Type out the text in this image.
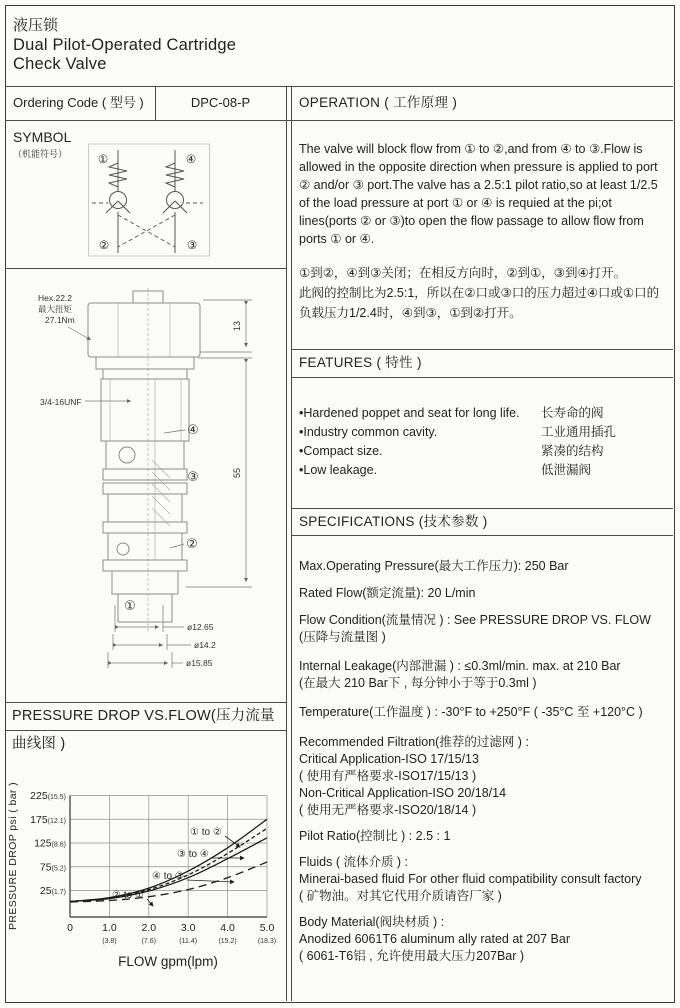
液压锁
Dual Pilot-Operated Cartridge
Check Valve
Ordering Code ( 型号 )	DPC-08-P	OPERATION ( 工作原理 )
The valve will block flow from ① to ②,and from ④ to ③.Flow is allowed in the opposite direction when pressure is applied to port ② and/or ③ port.The valve has a 2.5:1 pilot ratio,so at least 1/2.5 of the load pressure at port ① or ④ is requied at the pi;ot lines(ports ② or ③)to open the flow passage to allow flow from ports ① or ④.
①到②，④到③关闭；在相反方向时，②到①，③到④打开。
此阀的控制比为2.5:1，所以在②口或③口的压力超过④口或①口的负载压力1/2.4时，④到③，①到②打开。
FEATURES ( 特性 )
•Hardened poppet and seat for long life. 长寿命的阀
•Industry common cavity.	工业通用插孔
•Compact size.	紧凑的结构
•Low leakage.	低泄漏阀
SPECIFICATIONS (技术参数 )
Max.Operating Pressure(最大工作压力): 250 Bar
Rated Flow(额定流量): 20 L/min
Flow Condition(流量情况 ) : See PRESSURE DROP VS. FLOW
(压降与流量图 )
Internal Leakage(内部泄漏 ) : ≤0.3ml/min. max. at 210 Bar
(在最大 210 Bar下 , 每分钟小于等于0.3ml )
Temperature(工作温度 ) : -30°F to +250°F ( -35°C 至 +120°C )
Recommended Filtration(推荐的过滤网 ) :
Critical Application-ISO 17/15/13
( 使用有严格要求-ISO17/15/13 )
Non-Critical Application-ISO 20/18/14
( 使用无严格要求-ISO20/18/14 )
Pilot Ratio(控制比 ) : 2.5 : 1
Fluids ( 流体介质 ) :
Minerai-based fluid For other fluid compatibility consult factory
( 矿物油。对其它代用介质请咨厂家 )
Body Material(阀块材质 ) :
Anodized 6061T6 aluminum ally rated at 207 Bar
( 6061-T6铝 , 允许使用最大压力207Bar )
SYMBOL
（机能符号）	①	④
②	③
Hex.22.2
最大扭矩
27.1Nm
3/4-16UNF
④
③
②
①
13
55
ø12.65
ø14.2
ø15.85
PRESSURE DROP VS.FLOW(压力流量曲线图 )
① to ②
③ to ④
④ to ③
② to ①
25(1.7)
75(5.2)
125(8.6)
175(12.1)
225(15.5)
0	1.0
(3.8)
2.0
(7.6)
3.0
(11.4)
4.0
(15.2)
5.0
(18.3)
FLOW gpm(lpm)
PRESSURE DROP psi ( bar )
